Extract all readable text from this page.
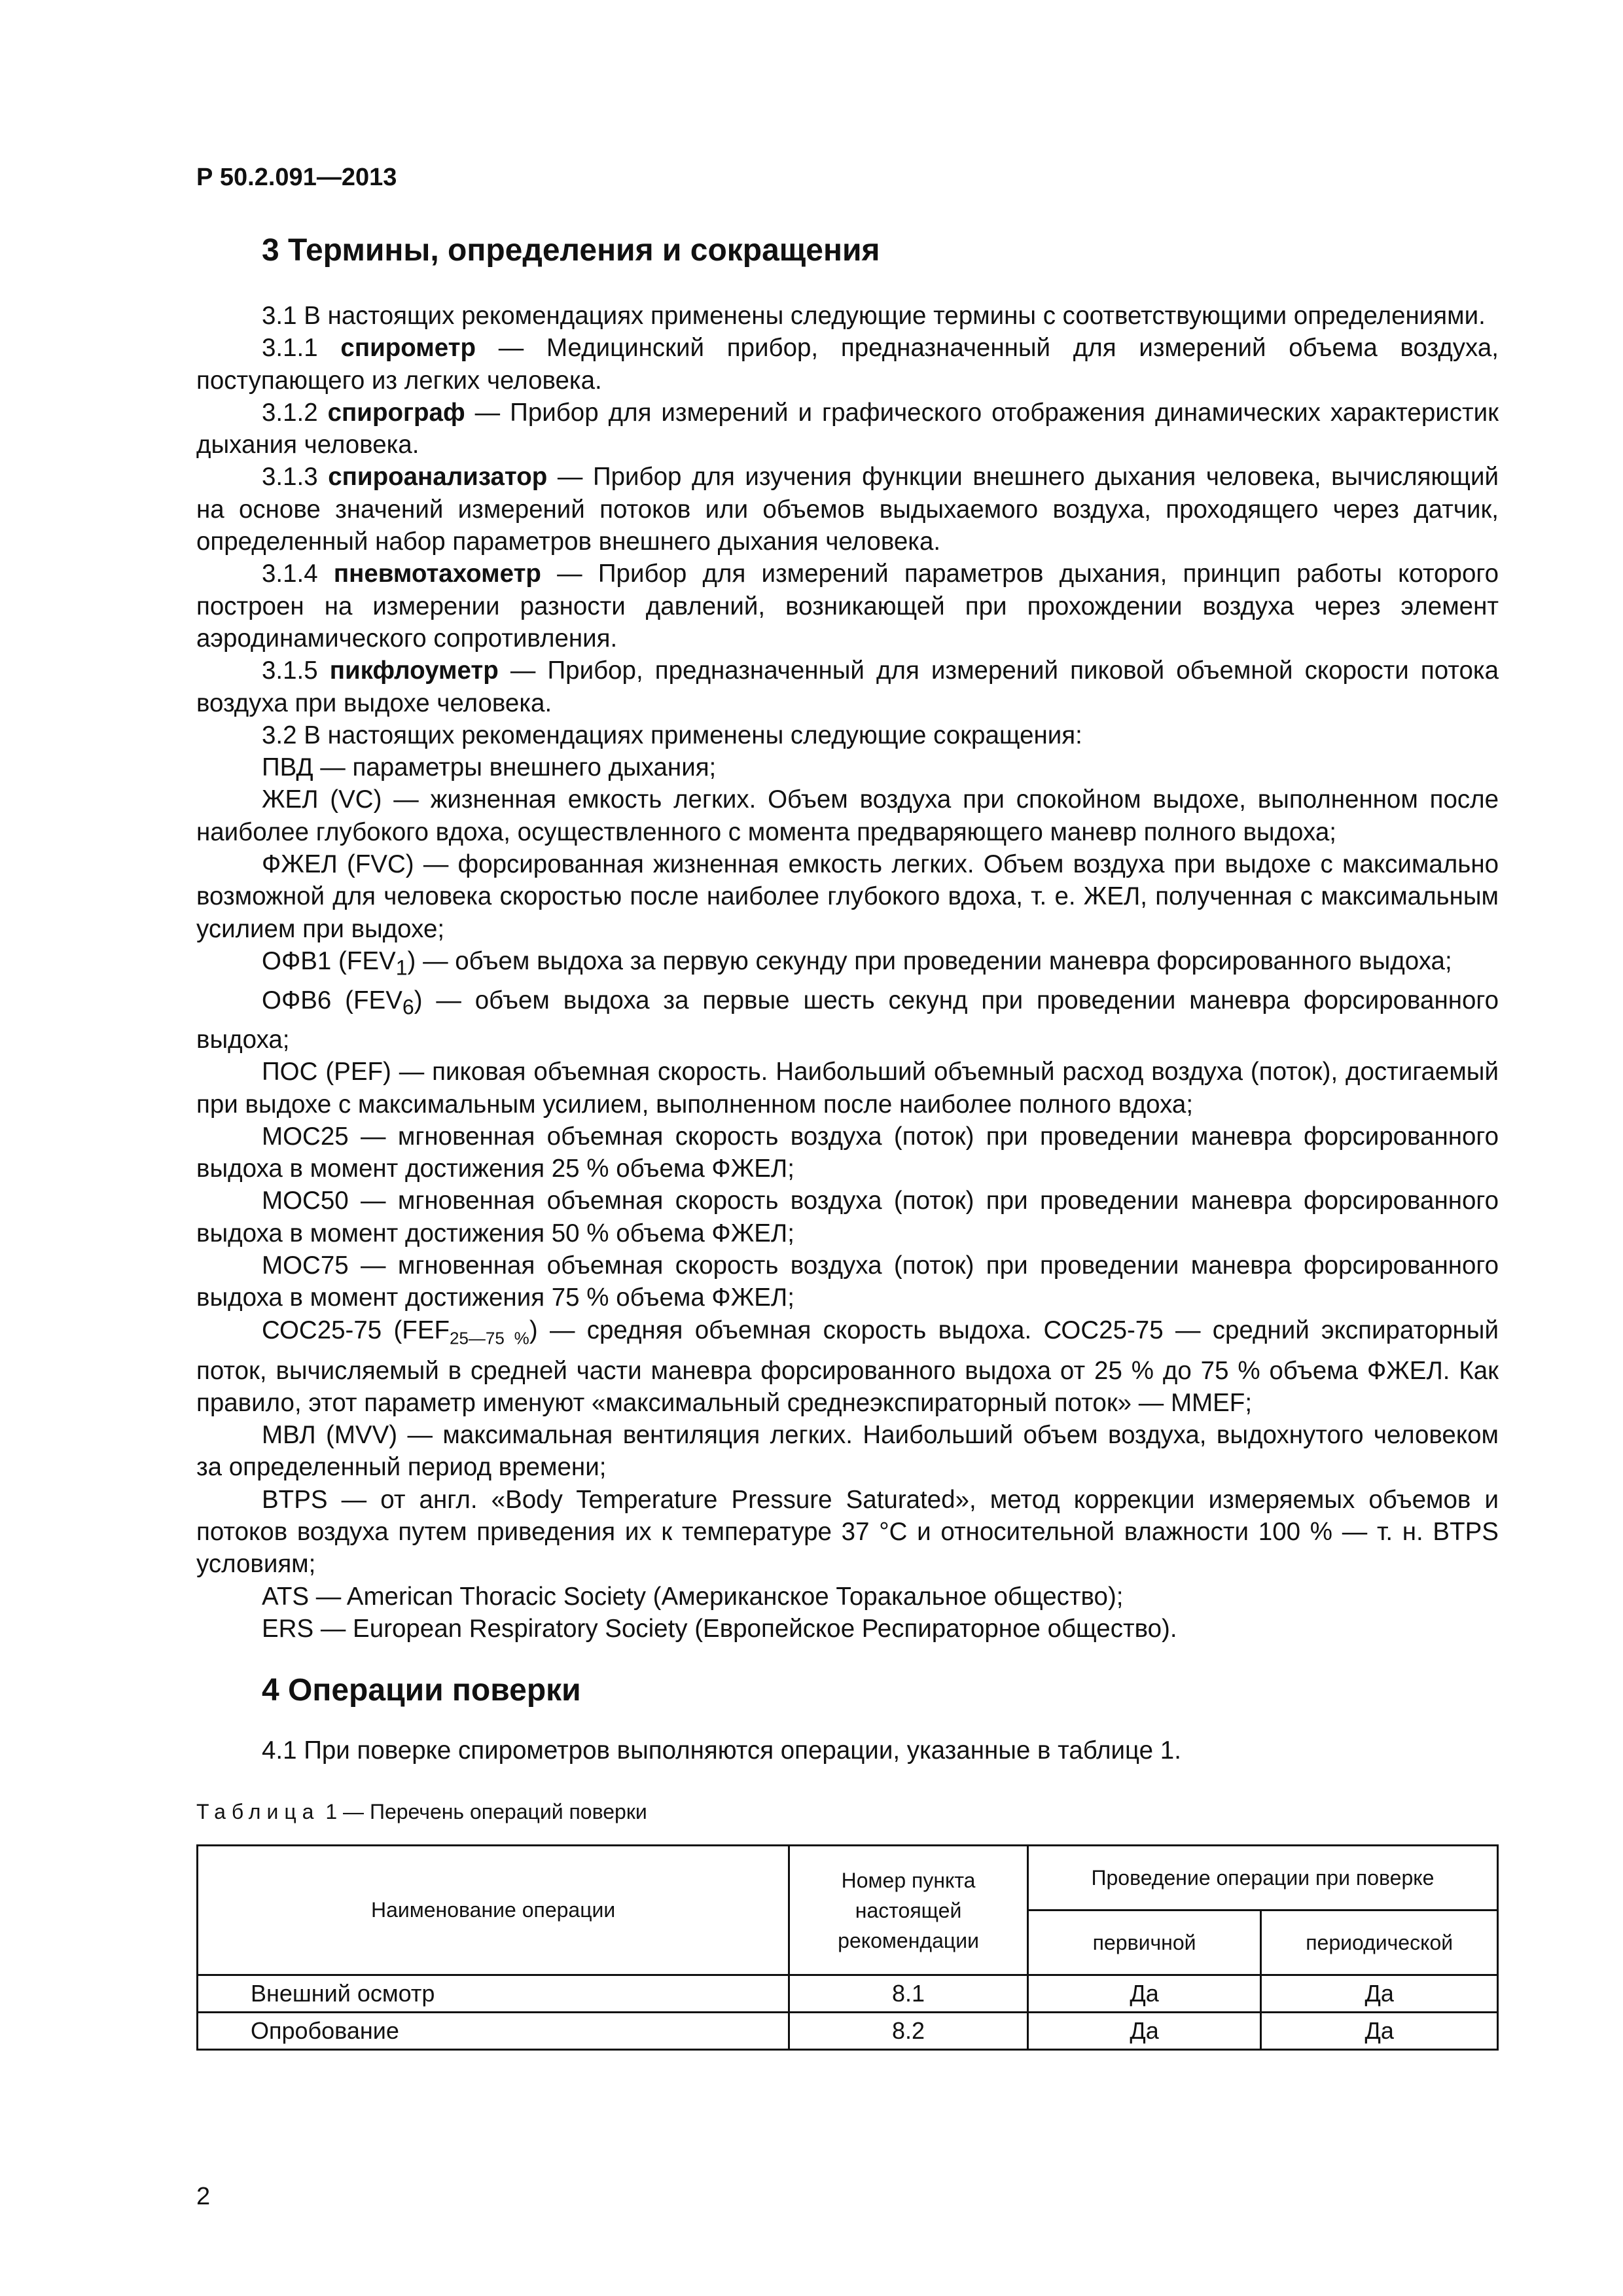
Р 50.2.091—2013
3 Термины, определения и сокращения

3.1 В настоящих рекомендациях применены следующие термины с соответствующими определениями.

3.1.1 спирометр — Медицинский прибор, предназначенный для измерений объема воздуха, поступающего из легких человека.

3.1.2 спирограф — Прибор для измерений и графического отображения динамических характеристик дыхания человека.

3.1.3 спироанализатор — Прибор для изучения функции внешнего дыхания человека, вычисляющий на основе значений измерений потоков или объемов выдыхаемого воздуха, проходящего через датчик, определенный набор параметров внешнего дыхания человека.

3.1.4 пневмотахометр — Прибор для измерений параметров дыхания, принцип работы которого построен на измерении разности давлений, возникающей при прохождении воздуха через элемент аэродинамического сопротивления.

3.1.5 пикфлоуметр — Прибор, предназначенный для измерений пиковой объемной скорости потока воздуха при выдохе человека.

3.2 В настоящих рекомендациях применены следующие сокращения:

ПВД — параметры внешнего дыхания;

ЖЕЛ (VC) — жизненная емкость легких. Объем воздуха при спокойном выдохе, выполненном после наиболее глубокого вдоха, осуществленного с момента предваряющего маневр полного выдоха;

ФЖЕЛ (FVC) — форсированная жизненная емкость легких. Объем воздуха при выдохе с максимально возможной для человека скоростью после наиболее глубокого вдоха, т. е. ЖЕЛ, полученная с максимальным усилием при выдохе;

ОФВ1 $(FEV_1)$ — объем выдоха за первую секунду при проведении маневра форсированного выдоха;

ОФВ6 $(FEV_6)$ — объем выдоха за первые шесть секунд при проведении маневра форсированного выдоха;

ПОС (PEF) — пиковая объемная скорость. Наибольший объемный расход воздуха (поток), достигаемый при выдохе с максимальным усилием, выполненном после наиболее полного вдоха;

МОС25 — мгновенная объемная скорость воздуха (поток) при проведении маневра форсированного выдоха в момент достижения 25 % объема ФЖЕЛ;

МОС50 — мгновенная объемная скорость воздуха (поток) при проведении маневра форсированного выдоха в момент достижения 50 % объема ФЖЕЛ;

МОС75 — мгновенная объемная скорость воздуха (поток) при проведении маневра форсированного выдоха в момент достижения 75 % объема ФЖЕЛ;

СОС25-75 $(FEF_{25—75 \%})$ — средняя объемная скорость выдоха. СОС25-75 — средний экспираторный поток, вычисляемый в средней части маневра форсированного выдоха от 25 % до 75 % объема ФЖЕЛ. Как правило, этот параметр именуют «максимальный среднеэкспираторный поток» — MMEF;

МВЛ (MVV) — максимальная вентиляция легких. Наибольший объем воздуха, выдохнутого человеком за определенный период времени;

BTPS — от англ. «Body Temperature Pressure Saturated», метод коррекции измеряемых объемов и потоков воздуха путем приведения их к температуре 37 °С и относительной влажности 100 % — т. н. BTPS условиям;

ATS — American Thoracic Society (Американское Торакальное общество);

ERS — European Respiratory Society (Европейское Респираторное общество).

4 Операции поверки

4.1 При поверке спирометров выполняются операции, указанные в таблице 1.

Таблица 1 — Перечень операций поверки
Наименование операции	Номер пункта настоящей рекомендации	Проведение операции при поверке	
		первичной	периодической
Внешний осмотр	8.1	Да	Да
Опробование	8.2	Да	Да
2
